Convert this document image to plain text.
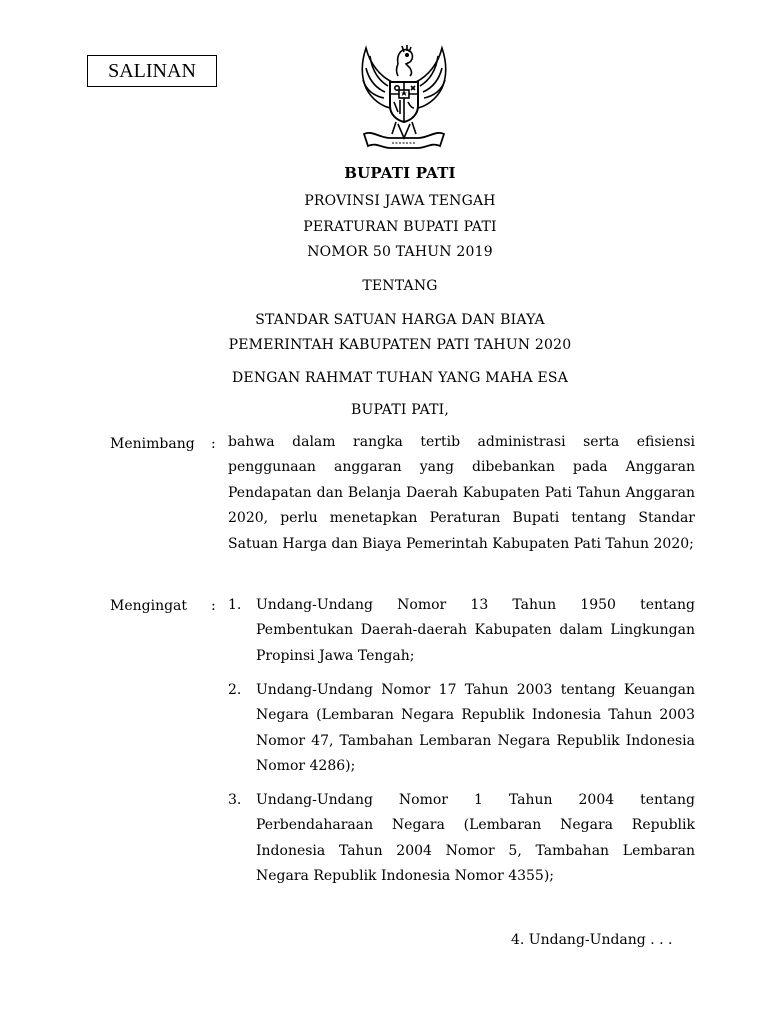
SALINAN
BUPATI PATI
PROVINSI JAWA TENGAH
PERATURAN BUPATI PATI
NOMOR 50 TAHUN 2019
TENTANG
STANDAR SATUAN HARGA DAN BIAYA
PEMERINTAH KABUPATEN PATI TAHUN 2020
DENGAN RAHMAT TUHAN YANG MAHA ESA
BUPATI PATI,
Menimbang : bahwa dalam rangka tertib administrasi serta efisiensi penggunaan anggaran yang dibebankan pada Anggaran Pendapatan dan Belanja Daerah Kabupaten Pati Tahun Anggaran 2020, perlu menetapkan Peraturan Bupati tentang Standar Satuan Harga dan Biaya Pemerintah Kabupaten Pati Tahun 2020;

Mengingat : 1. Undang-Undang Nomor 13 Tahun 1950 tentang Pembentukan Daerah-daerah Kabupaten dalam Lingkungan Propinsi Jawa Tengah;

2. Undang-Undang Nomor 17 Tahun 2003 tentang Keuangan Negara (Lembaran Negara Republik Indonesia Tahun 2003 Nomor 47, Tambahan Lembaran Negara Republik Indonesia Nomor 4286);

3. Undang-Undang Nomor 1 Tahun 2004 tentang Perbendaharaan Negara (Lembaran Negara Republik Indonesia Tahun 2004 Nomor 5, Tambahan Lembaran Negara Republik Indonesia Nomor 4355);

4. Undang-Undang . . .
